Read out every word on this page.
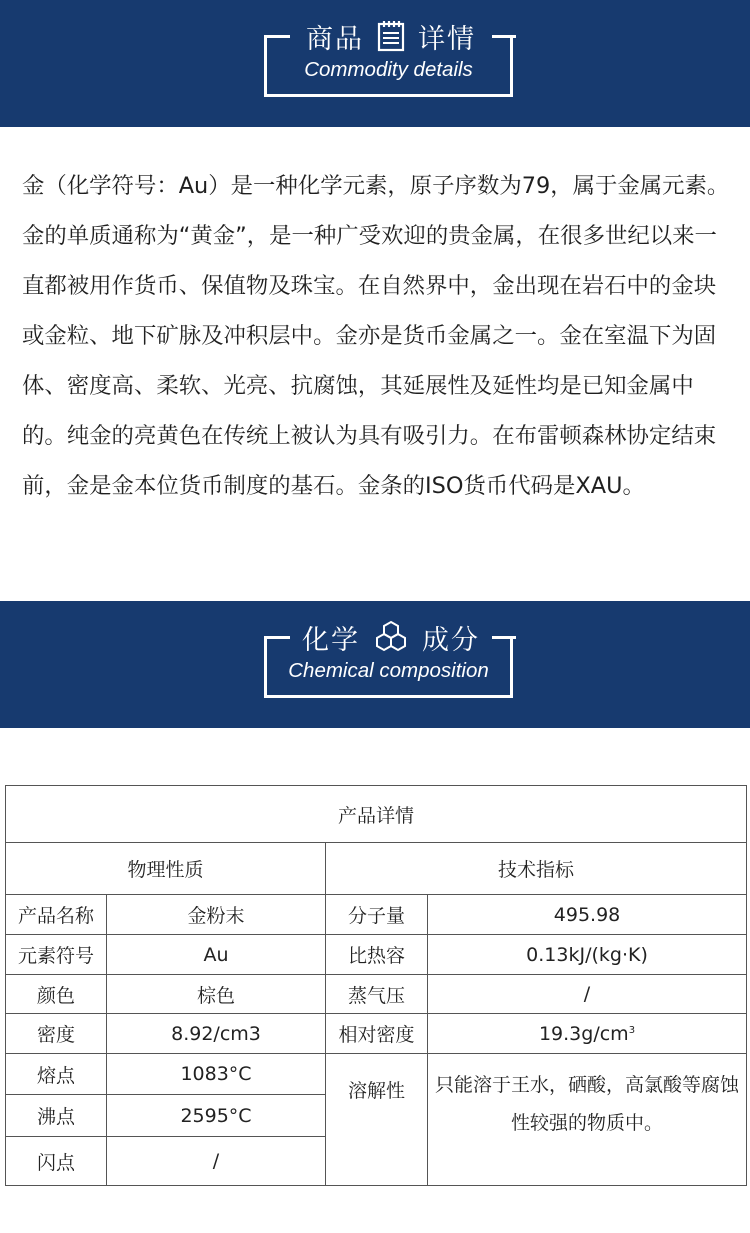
商品 详情
Commodity details

金（化学符号：Au）是一种化学元素，原子序数为79，属于金属元素。金的单质通称为“黄金”，是一种广受欢迎的贵金属，在很多世纪以来一直都被用作货币、保值物及珠宝。在自然界中，金出现在岩石中的金块或金粒、地下矿脉及冲积层中。金亦是货币金属之一。金在室温下为固体、密度高、柔软、光亮、抗腐蚀，其延展性及延性均是已知金属中的。纯金的亮黄色在传统上被认为具有吸引力。在布雷顿森林协定结束前，金是金本位货币制度的基石。金条的ISO货币代码是XAU。

化学 成分
Chemical composition
产品详情			
物理性质		技术指标	
产品名称	金粉末	分子量	495.98
元素符号	Au	比热容	0.13kJ/(kg·K)
颜色	棕色	蒸气压	/
密度	8.92/cm3	相对密度	$19.3g/cm^3$
熔点	1083°C	溶解性	只能溶于王水，硒酸，高氯酸等腐蚀性较强的物质中。
沸点	2595°C		
闪点	/		
